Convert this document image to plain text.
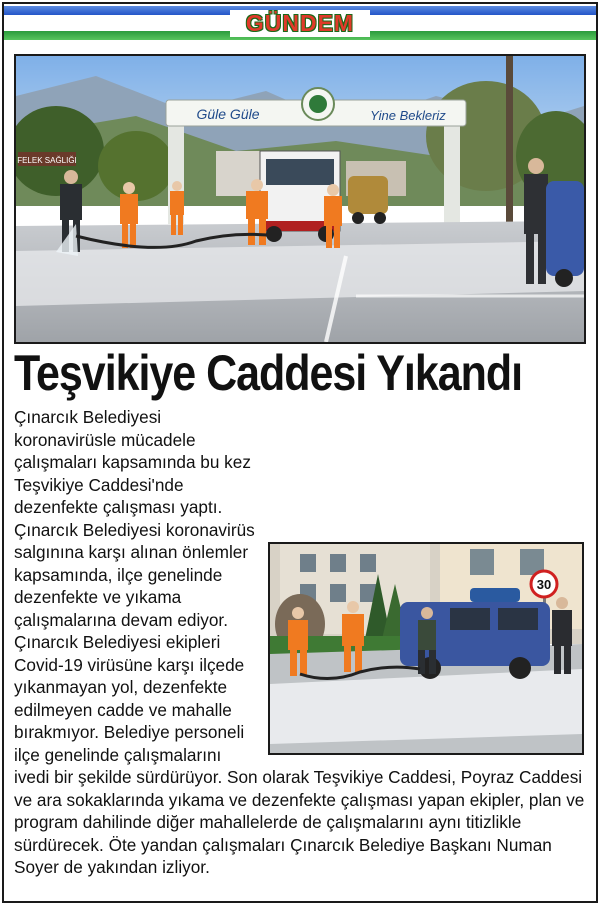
GÜNDEM
FELEK SAĞLIĞI
Güle Güle	Yine Bekleriz
Teşvikiye Caddesi Yıkandı

Çınarcık Belediyesi koronavirüsle mücadele çalışmaları kapsamında bu kez Teşvikiye Caddesi'nde dezenfekte çalışması yaptı.

Çınarcık Belediyesi koronavirüs salgınına karşı alınan önlemler kapsamında, ilçe genelinde dezenfekte ve yıkama çalışmalarına devam ediyor.

Çınarcık Belediyesi ekipleri Covid-19 virüsüne karşı ilçede yıkanmayan yol, dezenfekte edilmeyen cadde ve mahalle bırakmıyor. Belediye personeli ilçe genelinde çalışmalarını ivedi bir şekilde sürdürüyor. Son olarak Teşvikiye Caddesi, Poyraz Caddesi ve ara sokaklarında yıkama ve dezenfekte çalışması yapan ekipler, plan ve program dahilinde diğer mahallelerde de çalışmalarını aynı titizlikle sürdürecek. Öte yandan çalışmaları Çınarcık Belediye Başkanı Numan Soyer de yakından izliyor.

30
